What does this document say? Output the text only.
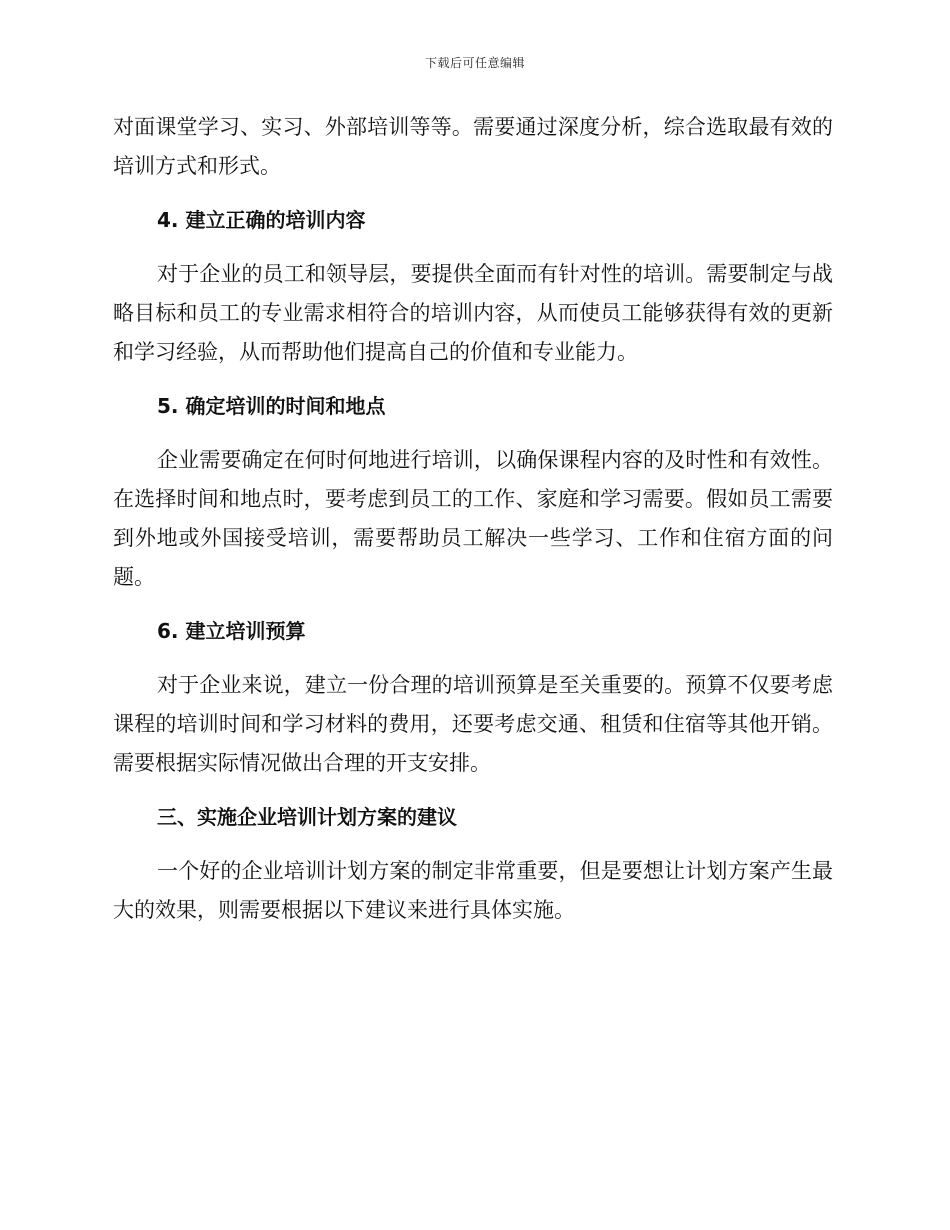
下载后可任意编辑

对面课堂学习、实习、外部培训等等。需要通过深度分析，综合选取最有效的培训方式和形式。

4. 建立正确的培训内容

对于企业的员工和领导层，要提供全面而有针对性的培训。需要制定与战略目标和员工的专业需求相符合的培训内容，从而使员工能够获得有效的更新和学习经验，从而帮助他们提高自己的价值和专业能力。

5. 确定培训的时间和地点

企业需要确定在何时何地进行培训，以确保课程内容的及时性和有效性。在选择时间和地点时，要考虑到员工的工作、家庭和学习需要。假如员工需要到外地或外国接受培训，需要帮助员工解决一些学习、工作和住宿方面的问题。

6. 建立培训预算

对于企业来说，建立一份合理的培训预算是至关重要的。预算不仅要考虑课程的培训时间和学习材料的费用，还要考虑交通、租赁和住宿等其他开销。需要根据实际情况做出合理的开支安排。

三、实施企业培训计划方案的建议

一个好的企业培训计划方案的制定非常重要，但是要想让计划方案产生最大的效果，则需要根据以下建议来进行具体实施。
